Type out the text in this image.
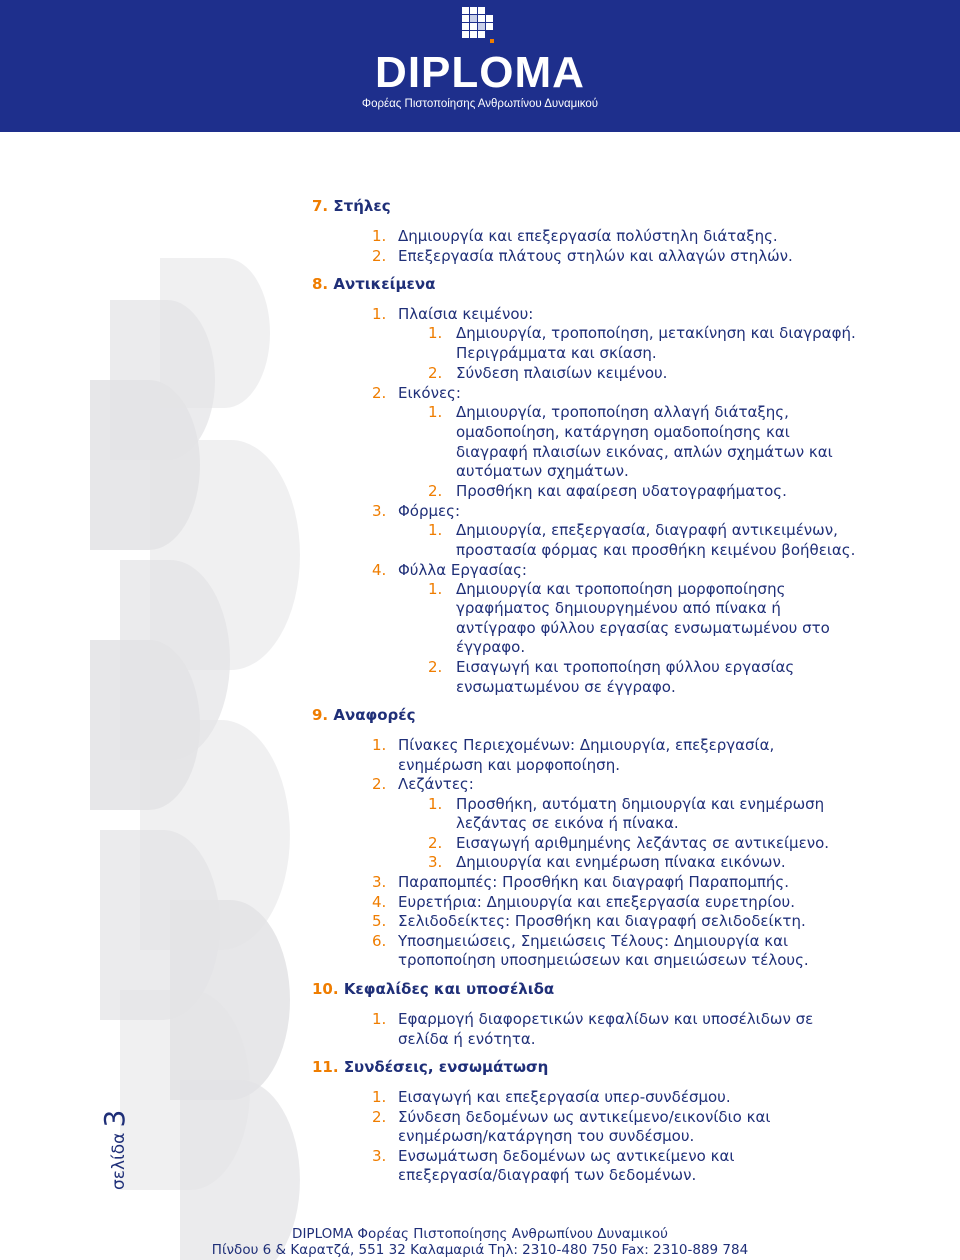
DIPLOMA
Φορέας Πιστοποίησης Ανθρωπίνου Δυναμικού
7. Στήλες
8. Αντικείμενα
9. Αναφορές
10. Κεφαλίδες και υποσέλιδα
11. Συνδέσεις, ενσωμάτωση
1. Δημιουργία και επεξεργασία πολύστηλη διάταξης.
2. Επεξεργασία πλάτους στηλών και αλλαγών στηλών.
1. Πλαίσια κειμένου:
1. Δημιουργία, τροποποίηση, μετακίνηση και διαγραφή.
Περιγράμματα και σκίαση.
2. Σύνδεση πλαισίων κειμένου.
2. Εικόνες:
1. Δημιουργία, τροποποίηση αλλαγή διάταξης,
ομαδοποίηση, κατάργηση ομαδοποίησης και
διαγραφή πλαισίων εικόνας, απλών σχημάτων και
αυτόματων σχημάτων.
2. Προσθήκη και αφαίρεση υδατογραφήματος.
3. Φόρμες:
1. Δημιουργία, επεξεργασία, διαγραφή αντικειμένων,
προστασία φόρμας και προσθήκη κειμένου βοήθειας.
4. Φύλλα Εργασίας:
1. Δημιουργία και τροποποίηση μορφοποίησης
γραφήματος δημιουργημένου από πίνακα ή
αντίγραφο φύλλου εργασίας ενσωματωμένου στο
έγγραφο.
2. Εισαγωγή και τροποποίηση φύλλου εργασίας
ενσωματωμένου σε έγγραφο.
1. Πίνακες Περιεχομένων: Δημιουργία, επεξεργασία,
ενημέρωση και μορφοποίηση.
2. Λεζάντες:
1. Προσθήκη, αυτόματη δημιουργία και ενημέρωση
λεζάντας σε εικόνα ή πίνακα.
2. Εισαγωγή αριθμημένης λεζάντας σε αντικείμενο.
3. Δημιουργία και ενημέρωση πίνακα εικόνων.
3. Παραπομπές: Προσθήκη και διαγραφή Παραπομπής.
4. Ευρετήρια: Δημιουργία και επεξεργασία ευρετηρίου.
5. Σελιδοδείκτες: Προσθήκη και διαγραφή σελιδοδείκτη.
6. Υποσημειώσεις, Σημειώσεις Τέλους: Δημιουργία και
τροποποίηση υποσημειώσεων και σημειώσεων τέλους.
1. Εφαρμογή διαφορετικών κεφαλίδων και υποσέλιδων σε
σελίδα ή ενότητα.
1. Εισαγωγή και επεξεργασία υπερ-συνδέσμου.
2. Σύνδεση δεδομένων ως αντικείμενο/εικονίδιο και
ενημέρωση/κατάργηση του συνδέσμου.
3. Ενσωμάτωση δεδομένων ως αντικείμενο και
επεξεργασία/διαγραφή των δεδομένων.
σελίδα 3
DIPLOMA Φορέας Πιστοποίησης Ανθρωπίνου Δυναμικού
Πίνδου 6 & Καρατζά, 551 32 Καλαμαριά Τηλ: 2310-480 750 Fax: 2310-889 784
